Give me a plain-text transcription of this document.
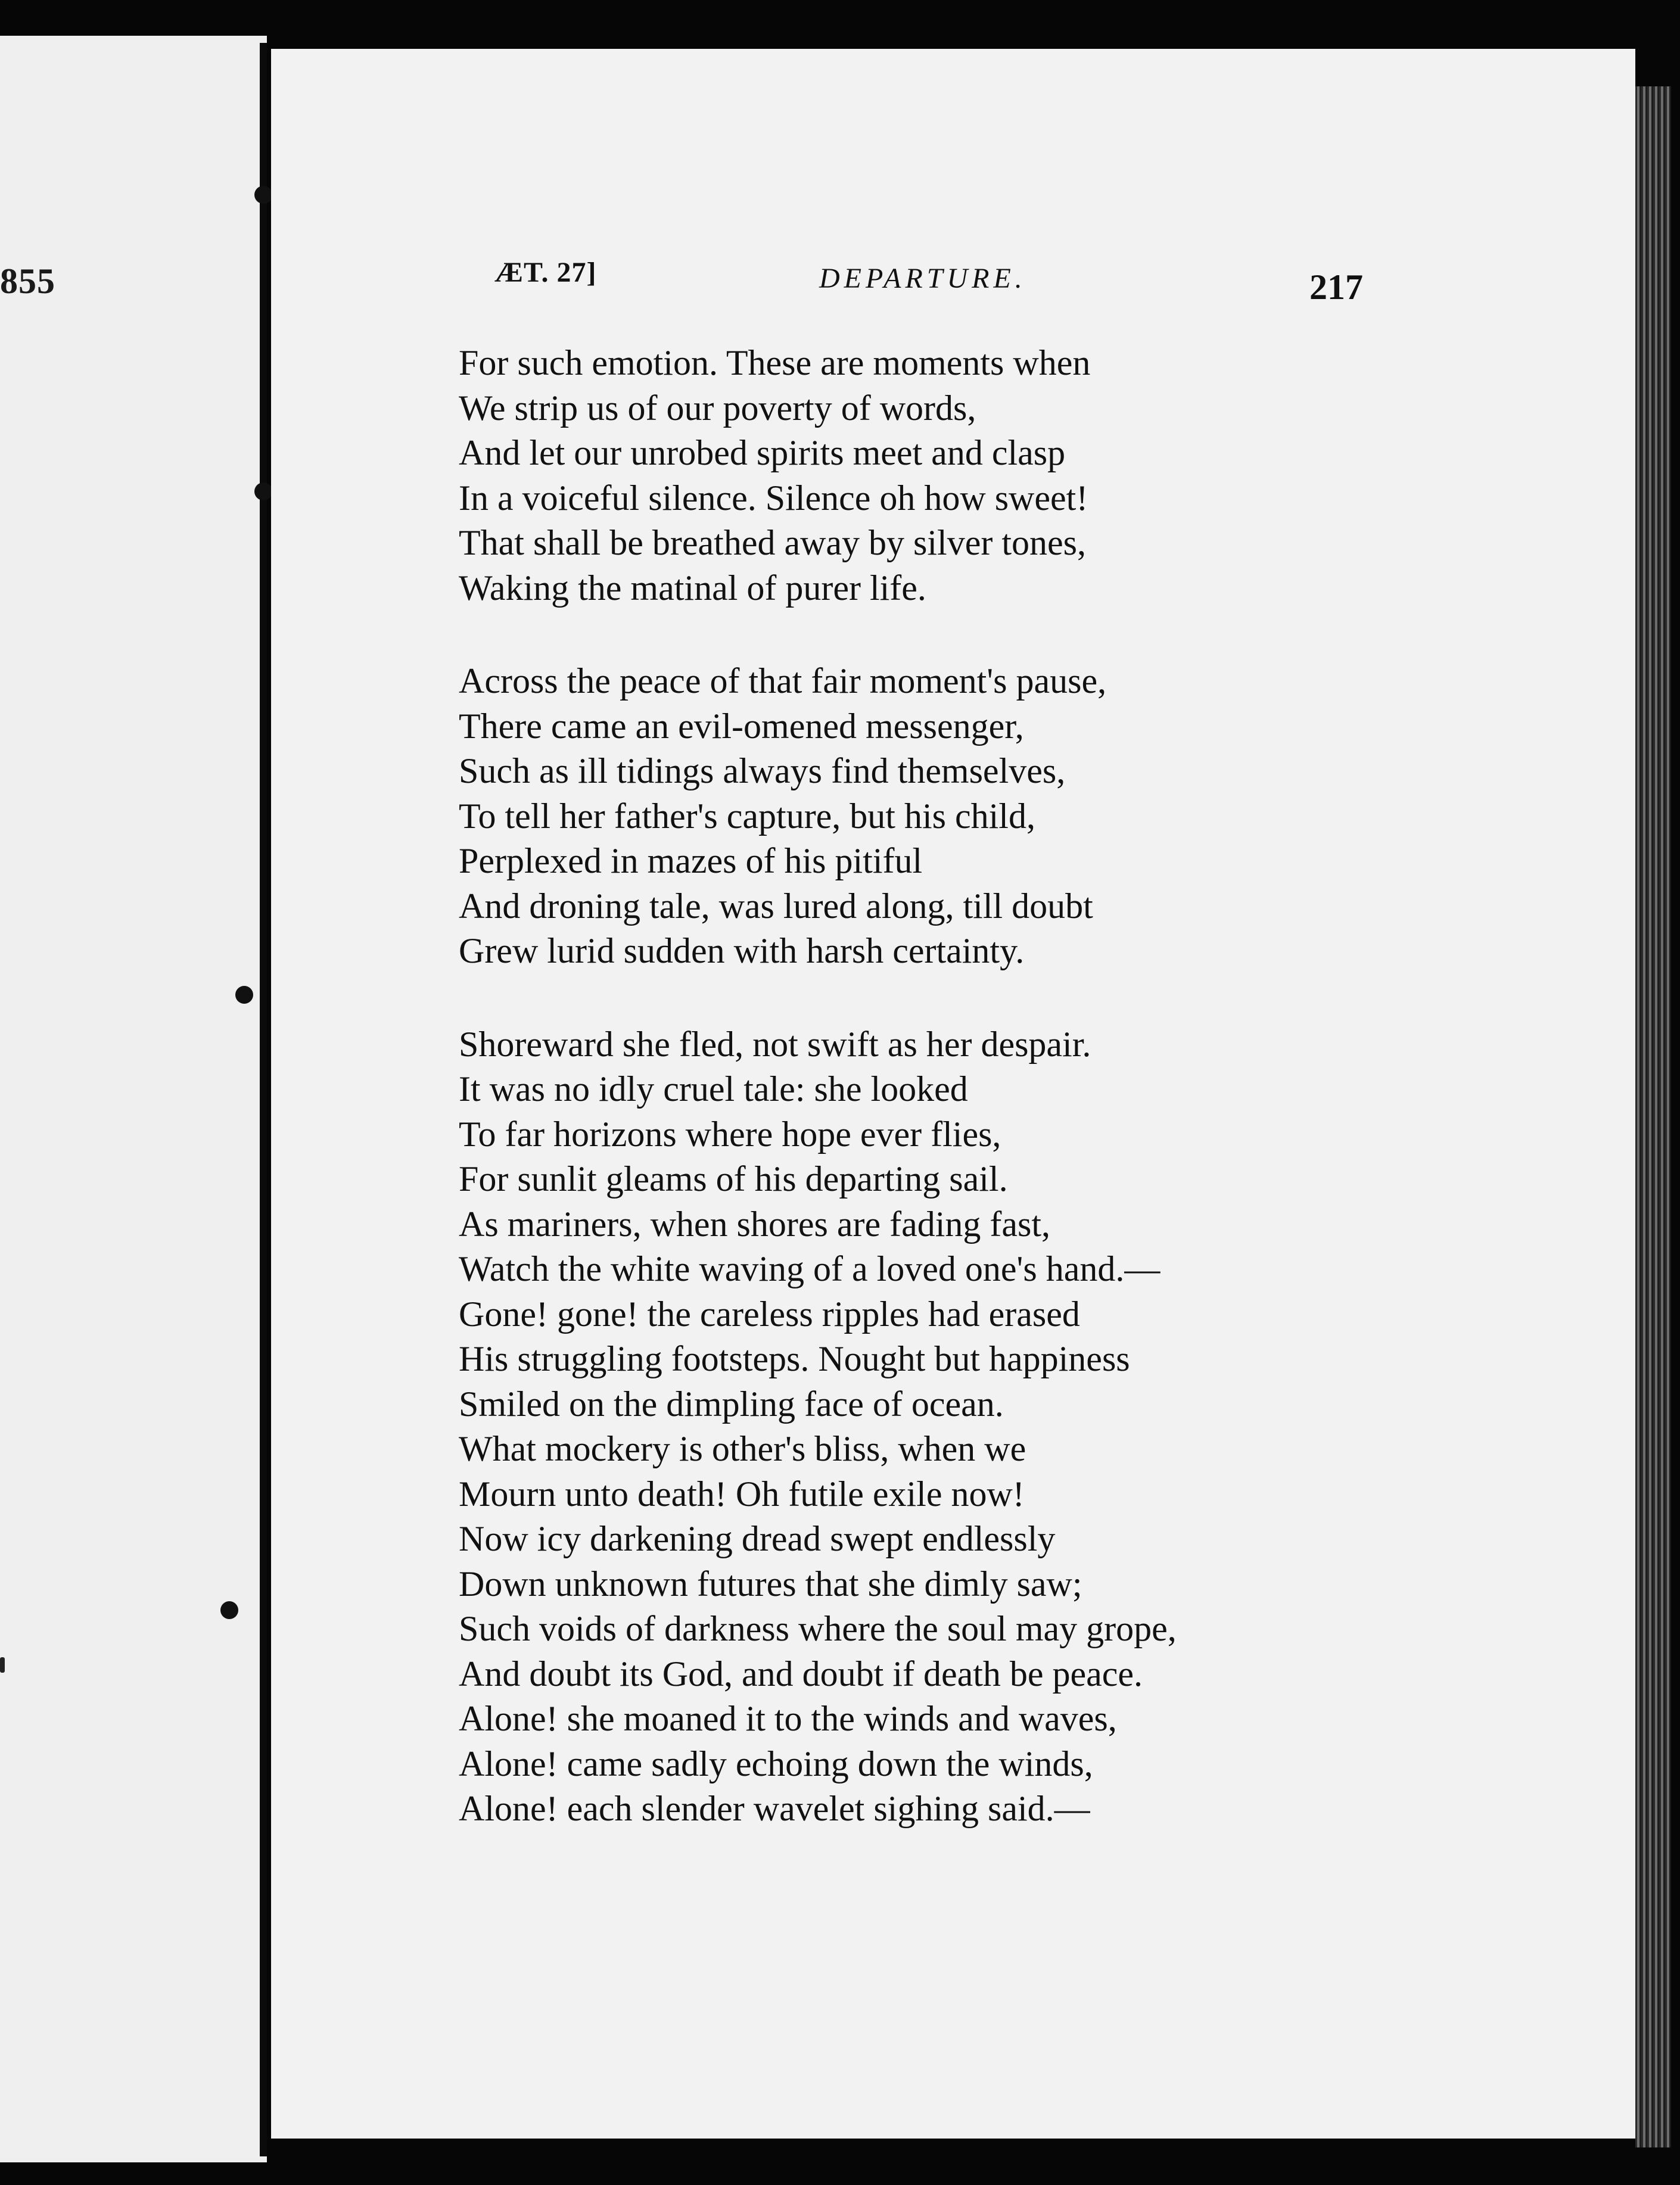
855	ÆT. 27]	DEPARTURE.	217
For such emotion. These are moments when
We strip us of our poverty of words,
And let our unrobed spirits meet and clasp
In a voiceful silence. Silence oh how sweet!
That shall be breathed away by silver tones,
Waking the matinal of purer life.
Across the peace of that fair moment's pause,
There came an evil-omened messenger,
Such as ill tidings always find themselves,
To tell her father's capture, but his child,
Perplexed in mazes of his pitiful
And droning tale, was lured along, till doubt
Grew lurid sudden with harsh certainty.
Shoreward she fled, not swift as her despair.
It was no idly cruel tale: she looked
To far horizons where hope ever flies,
For sunlit gleams of his departing sail.
As mariners, when shores are fading fast,
Watch the white waving of a loved one's hand.—
Gone! gone! the careless ripples had erased
His struggling footsteps. Nought but happiness
Smiled on the dimpling face of ocean.
What mockery is other's bliss, when we
Mourn unto death! Oh futile exile now!
Now icy darkening dread swept endlessly
Down unknown futures that she dimly saw;
Such voids of darkness where the soul may grope,
And doubt its God, and doubt if death be peace.
Alone! she moaned it to the winds and waves,
Alone! came sadly echoing down the winds,
Alone! each slender wavelet sighing said.—
